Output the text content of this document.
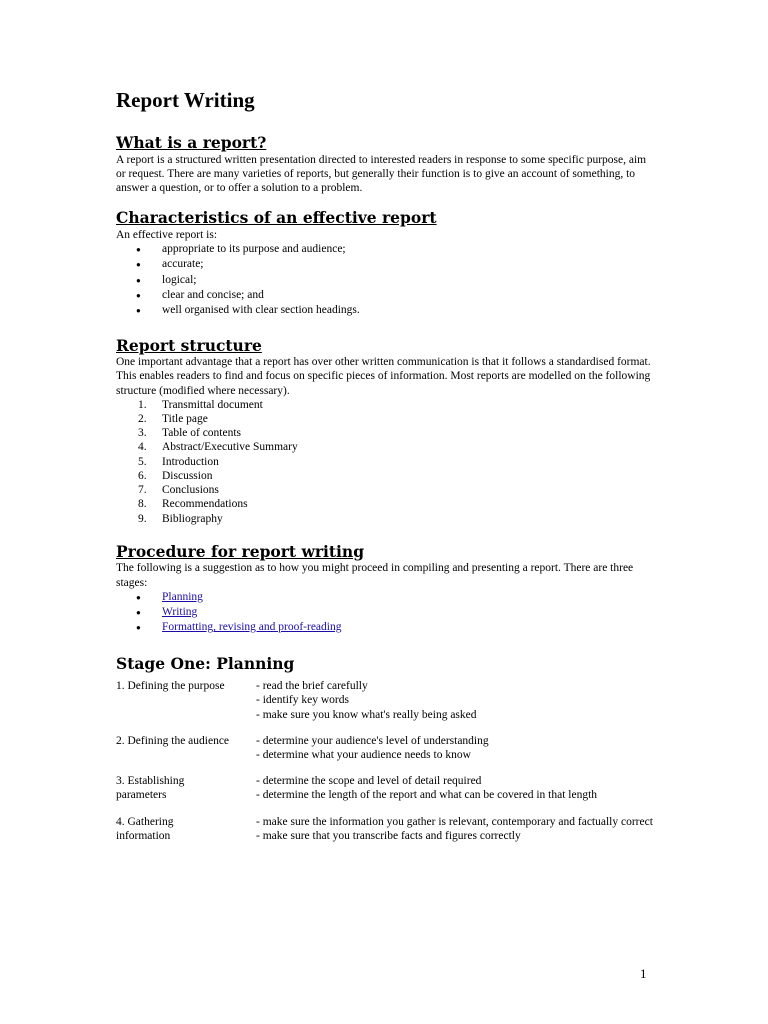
Report Writing
What is a report?

A report is a structured written presentation directed to interested readers in response to some specific purpose, aim or request. There are many varieties of reports, but generally their function is to give an account of something, to answer a question, or to offer a solution to a problem.

Characteristics of an effective report

An effective report is:

● appropriate to its purpose and audience;
● accurate;
● logical;
● clear and concise; and
● well organised with clear section headings.
Report structure

One important advantage that a report has over other written communication is that it follows a standardised format. This enables readers to find and focus on specific pieces of information. Most reports are modelled on the following structure (modified where necessary).

1. Transmittal document
2. Title page
3. Table of contents
4. Abstract/Executive Summary
5. Introduction
6. Discussion
7. Conclusions
8. Recommendations
9. Bibliography
Procedure for report writing

The following is a suggestion as to how you might proceed in compiling and presenting a report. There are three stages:

● Planning
● Writing
● Formatting, revising and proof-reading
Stage One: Planning
1. Defining the purpose	- read the brief carefully
- identify key words
- make sure you know what's really being asked
2. Defining the audience	- determine your audience's level of understanding
- determine what your audience needs to know
3. Establishing parameters
- determine the scope and level of detail required
- determine the length of the report and what can be covered in that length
4. Gathering information
- make sure the information you gather is relevant, contemporary and factually correct
- make sure that you transcribe facts and figures correctly
1
